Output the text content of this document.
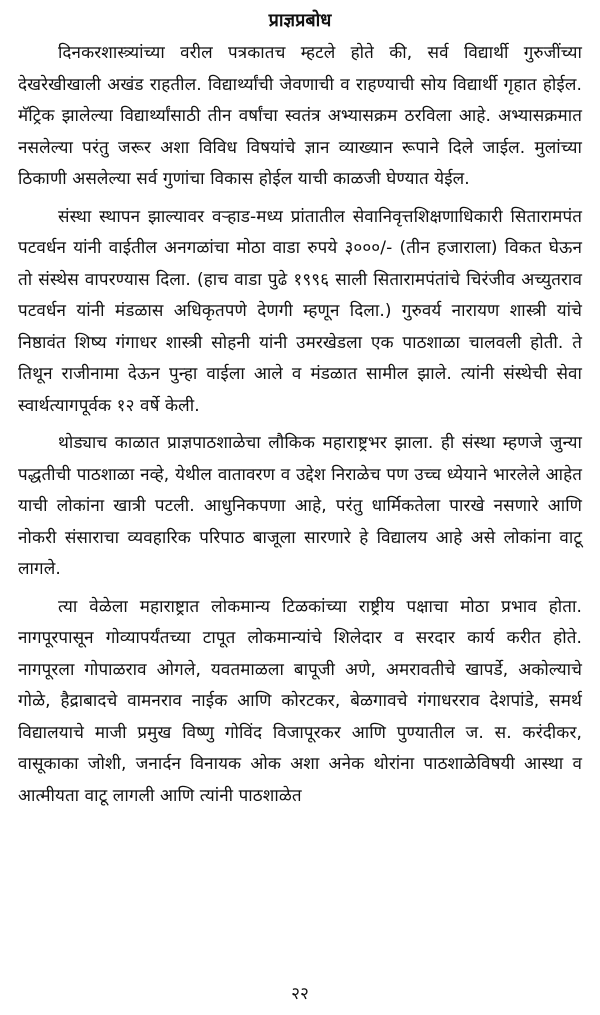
प्राज्ञप्रबोध

दिनकरशास्त्र्यांच्या वरील पत्रकातच म्हटले होते की, सर्व विद्यार्थी गुरुजींच्या देखरेखीखाली अखंड राहतील. विद्यार्थ्यांची जेवणाची व राहण्याची सोय विद्यार्थी गृहात होईल. मॅट्रिक झालेल्या विद्यार्थ्यांसाठी तीन वर्षांचा स्वतंत्र अभ्यासक्रम ठरविला आहे. अभ्यासक्रमात नसलेल्या परंतु जरूर अशा विविध विषयांचे ज्ञान व्याख्यान रूपाने दिले जाईल. मुलांच्या ठिकाणी असलेल्या सर्व गुणांचा विकास होईल याची काळजी घेण्यात येईल.

संस्था स्थापन झाल्यावर वऱ्हाड-मध्य प्रांतातील सेवानिवृत्तशिक्षणाधिकारी सितारामपंत पटवर्धन यांनी वाईतील अनगळांचा मोठा वाडा रुपये ३०००/- (तीन हजाराला) विकत घेऊन तो संस्थेस वापरण्यास दिला. (हाच वाडा पुढे १९९६ साली सितारामपंतांचे चिरंजीव अच्युतराव पटवर्धन यांनी मंडळास अधिकृतपणे देणगी म्हणून दिला.) गुरुवर्य नारायण शास्त्री यांचे निष्ठावंत शिष्य गंगाधर शास्त्री सोहनी यांनी उमरखेडला एक पाठशाळा चालवली होती. ते तिथून राजीनामा देऊन पुन्हा वाईला आले व मंडळात सामील झाले. त्यांनी संस्थेची सेवा स्वार्थत्यागपूर्वक १२ वर्षे केली.

थोड्याच काळात प्राज्ञपाठशाळेचा लौकिक महाराष्ट्रभर झाला. ही संस्था म्हणजे जुन्या पद्धतीची पाठशाळा नव्हे, येथील वातावरण व उद्देश निराळेच पण उच्च ध्येयाने भारलेले आहेत याची लोकांना खात्री पटली. आधुनिकपणा आहे, परंतु धार्मिकतेला पारखे नसणारे आणि नोकरी संसाराचा व्यवहारिक परिपाठ बाजूला सारणारे हे विद्यालय आहे असे लोकांना वाटू लागले.

त्या वेळेला महाराष्ट्रात लोकमान्य टिळकांच्या राष्ट्रीय पक्षाचा मोठा प्रभाव होता. नागपूरपासून गोव्यापर्यंतच्या टापूत लोकमान्यांचे शिलेदार व सरदार कार्य करीत होते. नागपूरला गोपाळराव ओगले, यवतमाळला बापूजी अणे, अमरावतीचे खापर्डे, अकोल्याचे गोळे, हैद्राबादचे वामनराव नाईक आणि कोरटकर, बेळगावचे गंगाधरराव देशपांडे, समर्थ विद्यालयाचे माजी प्रमुख विष्णु गोविंद विजापूरकर आणि पुण्यातील ज. स. करंदीकर, वासूकाका जोशी, जनार्दन विनायक ओक अशा अनेक थोरांना पाठशाळेविषयी आस्था व आत्मीयता वाटू लागली आणि त्यांनी पाठशाळेत

२२
